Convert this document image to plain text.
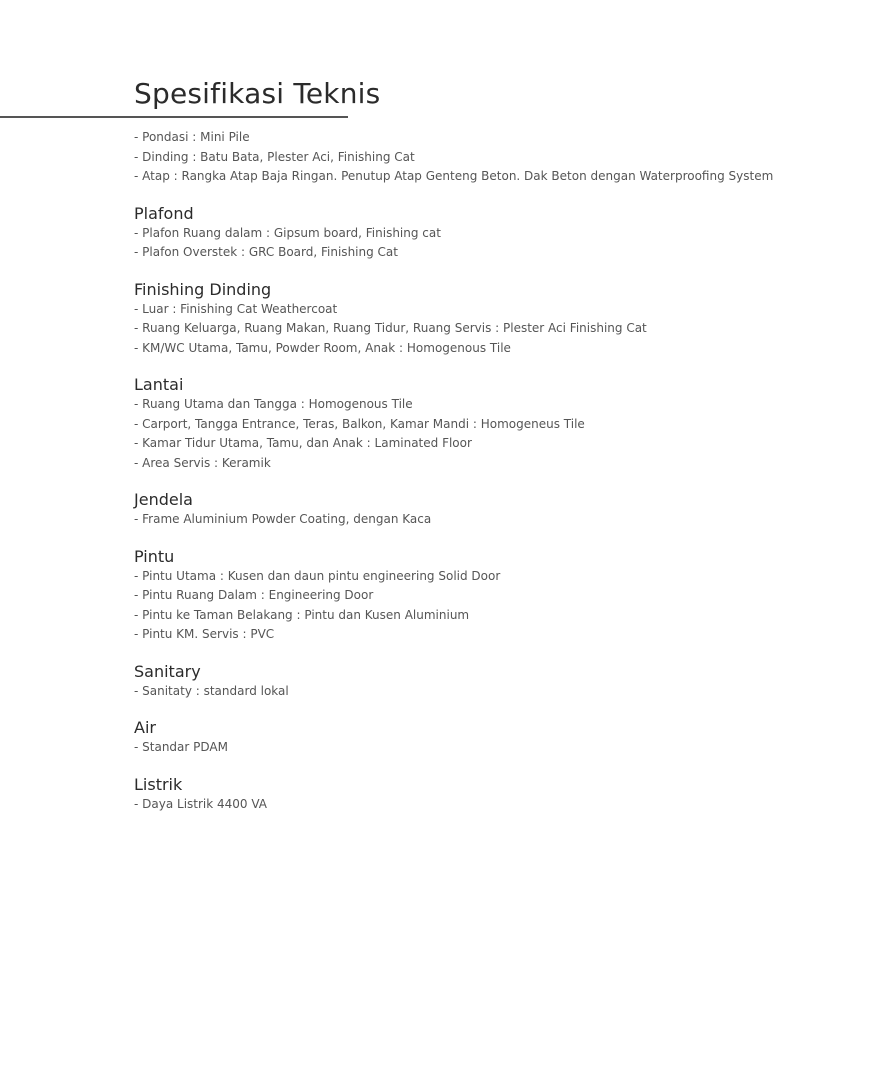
Spesifikasi Teknis
- Pondasi : Mini Pile
- Dinding : Batu Bata, Plester Aci, Finishing Cat
- Atap : Rangka Atap Baja Ringan. Penutup Atap Genteng Beton. Dak Beton dengan Waterproofing System
Plafond
- Plafon Ruang dalam : Gipsum board, Finishing cat
- Plafon Overstek : GRC Board, Finishing Cat
Finishing Dinding
- Luar : Finishing Cat Weathercoat
- Ruang Keluarga, Ruang Makan, Ruang Tidur, Ruang Servis : Plester Aci Finishing Cat
- KM/WC Utama, Tamu, Powder Room, Anak : Homogenous Tile
Lantai
- Ruang Utama dan Tangga : Homogenous Tile
- Carport, Tangga Entrance, Teras, Balkon, Kamar Mandi : Homogeneus Tile
- Kamar Tidur Utama, Tamu, dan Anak : Laminated Floor
- Area Servis : Keramik
Jendela
- Frame Aluminium Powder Coating, dengan Kaca
Pintu
- Pintu Utama : Kusen dan daun pintu engineering Solid Door
- Pintu Ruang Dalam : Engineering Door
- Pintu ke Taman Belakang : Pintu dan Kusen Aluminium
- Pintu KM. Servis : PVC
Sanitary
- Sanitaty : standard lokal
Air
- Standar PDAM
Listrik
- Daya Listrik 4400 VA
